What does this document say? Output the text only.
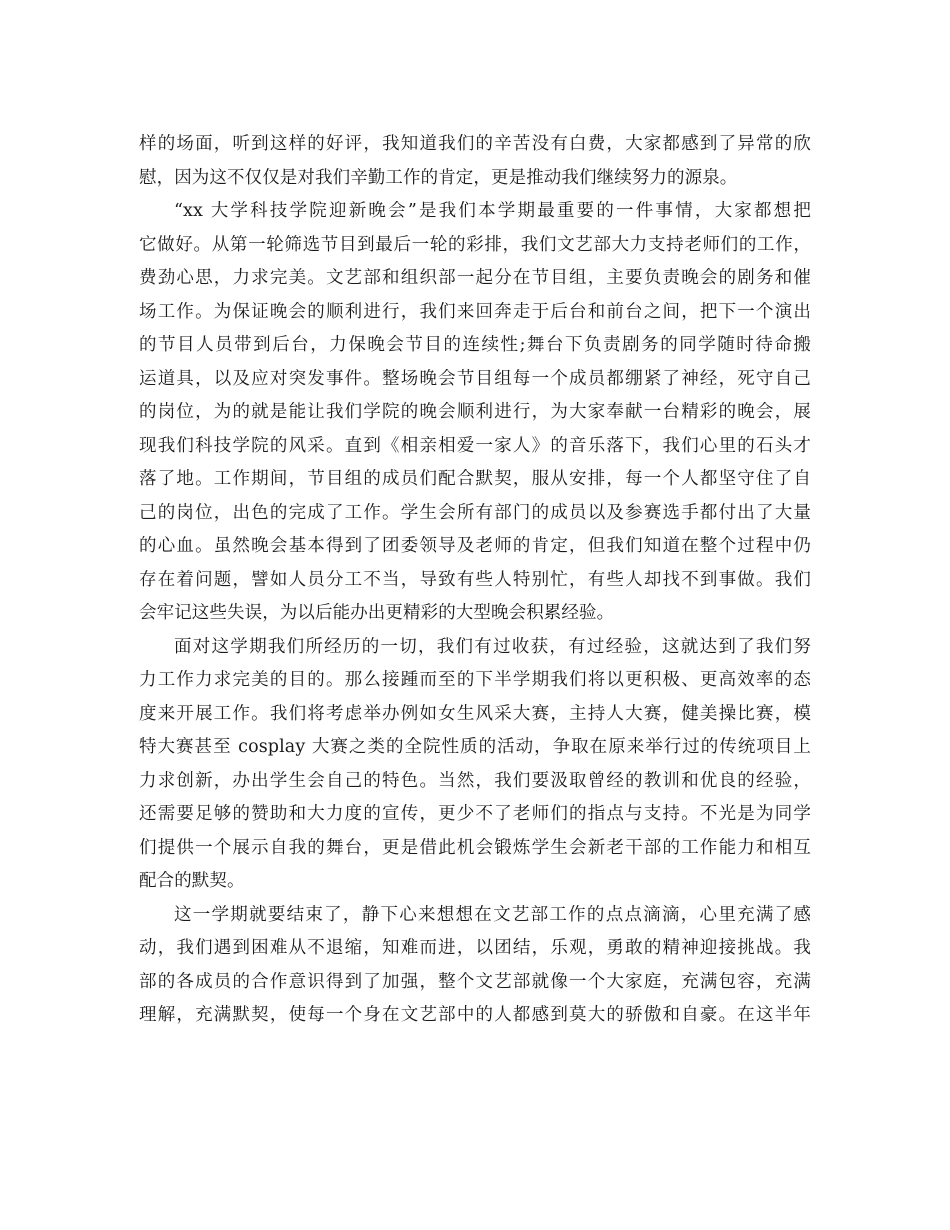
样的场面，听到这样的好评，我知道我们的辛苦没有白费，大家都感到了异常的欣
慰，因为这不仅仅是对我们辛勤工作的肯定，更是推动我们继续努力的源泉。
“xx 大学科技学院迎新晚会”是我们本学期最重要的一件事情，大家都想把
它做好。从第一轮筛选节目到最后一轮的彩排，我们文艺部大力支持老师们的工作，
费劲心思，力求完美。文艺部和组织部一起分在节目组，主要负责晚会的剧务和催
场工作。为保证晚会的顺利进行，我们来回奔走于后台和前台之间，把下一个演出
的节目人员带到后台，力保晚会节目的连续性;舞台下负责剧务的同学随时待命搬
运道具，以及应对突发事件。整场晚会节目组每一个成员都绷紧了神经，死守自己
的岗位，为的就是能让我们学院的晚会顺利进行，为大家奉献一台精彩的晚会，展
现我们科技学院的风采。直到《相亲相爱一家人》的音乐落下，我们心里的石头才
落了地。工作期间，节目组的成员们配合默契，服从安排，每一个人都坚守住了自
己的岗位，出色的完成了工作。学生会所有部门的成员以及参赛选手都付出了大量
的心血。虽然晚会基本得到了团委领导及老师的肯定，但我们知道在整个过程中仍
存在着问题，譬如人员分工不当，导致有些人特别忙，有些人却找不到事做。我们
会牢记这些失误，为以后能办出更精彩的大型晚会积累经验。
面对这学期我们所经历的一切，我们有过收获，有过经验，这就达到了我们努
力工作力求完美的目的。那么接踵而至的下半学期我们将以更积极、更高效率的态
度来开展工作。我们将考虑举办例如女生风采大赛，主持人大赛，健美操比赛，模
特大赛甚至 cosplay 大赛之类的全院性质的活动，争取在原来举行过的传统项目上
力求创新，办出学生会自己的特色。当然，我们要汲取曾经的教训和优良的经验，
还需要足够的赞助和大力度的宣传，更少不了老师们的指点与支持。不光是为同学
们提供一个展示自我的舞台，更是借此机会锻炼学生会新老干部的工作能力和相互
配合的默契。
这一学期就要结束了，静下心来想想在文艺部工作的点点滴滴，心里充满了感
动，我们遇到困难从不退缩，知难而进，以团结，乐观，勇敢的精神迎接挑战。我
部的各成员的合作意识得到了加强，整个文艺部就像一个大家庭，充满包容，充满
理解，充满默契，使每一个身在文艺部中的人都感到莫大的骄傲和自豪。在这半年
